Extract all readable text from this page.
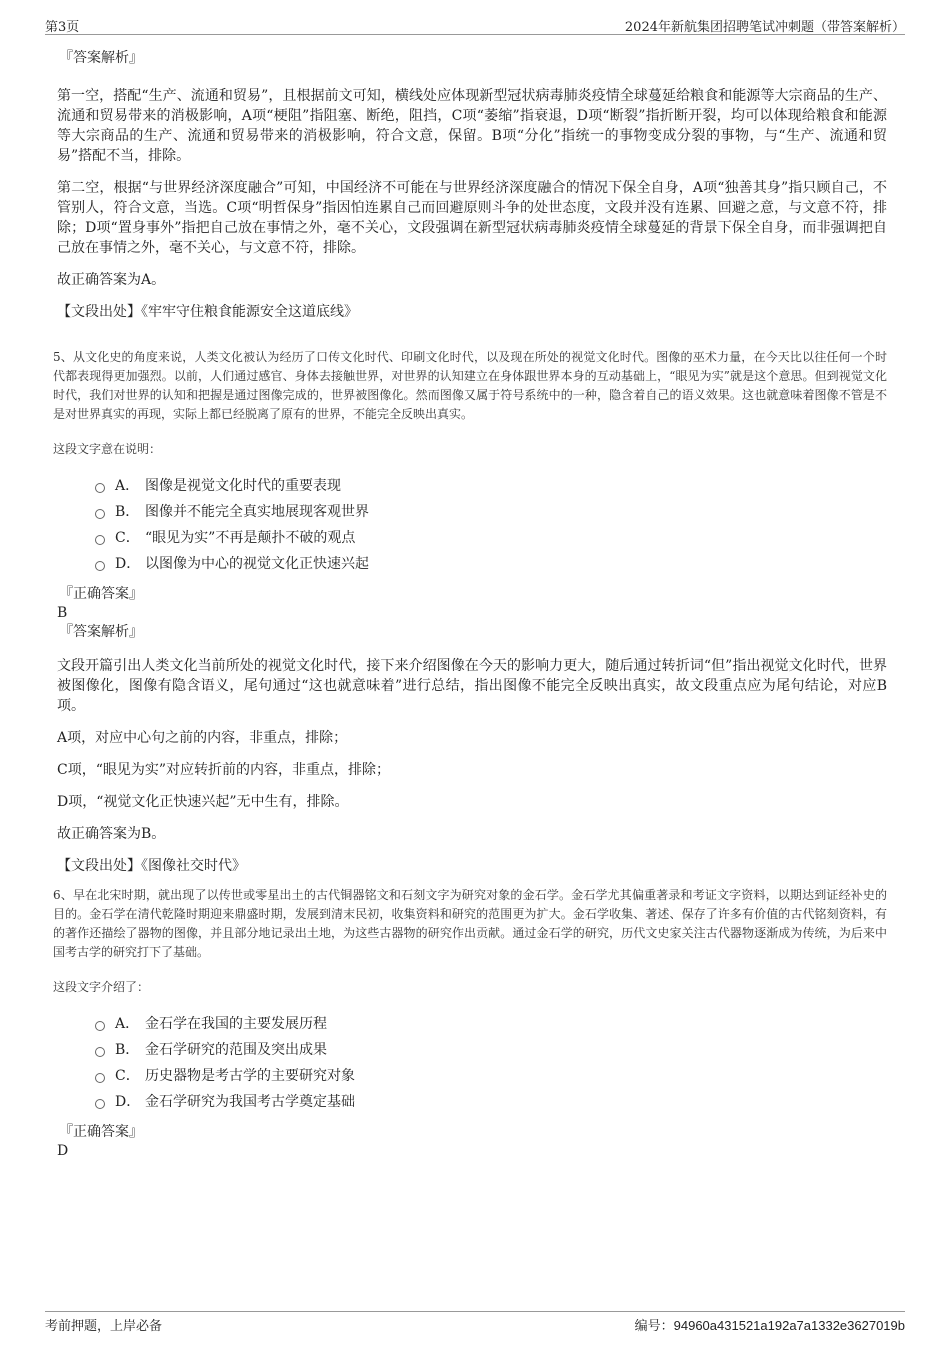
第3页	2024年新航集团招聘笔试冲刺题（带答案解析）
『答案解析』

第一空，搭配“生产、流通和贸易”，且根据前文可知，横线处应体现新型冠状病毒肺炎疫情全球蔓延给粮食和能源等大宗商品的生产、流通和贸易带来的消极影响，A项“梗阻”指阻塞、断绝，阻挡，C项“萎缩”指衰退，D项“断裂”指折断开裂，均可以体现给粮食和能源等大宗商品的生产、流通和贸易带来的消极影响，符合文意，保留。B项“分化”指统一的事物变成分裂的事物，与“生产、流通和贸易”搭配不当，排除。

第二空，根据“与世界经济深度融合”可知，中国经济不可能在与世界经济深度融合的情况下保全自身，A项“独善其身”指只顾自己，不管别人，符合文意，当选。C项“明哲保身”指因怕连累自己而回避原则斗争的处世态度，文段并没有连累、回避之意，与文意不符，排除；D项“置身事外”指把自己放在事情之外，毫不关心，文段强调在新型冠状病毒肺炎疫情全球蔓延的背景下保全自身，而非强调把自己放在事情之外，毫不关心，与文意不符，排除。

故正确答案为A。

【文段出处】《牢牢守住粮食能源安全这道底线》

5、从文化史的角度来说，人类文化被认为经历了口传文化时代、印刷文化时代，以及现在所处的视觉文化时代。图像的巫术力量，在今天比以往任何一个时代都表现得更加强烈。以前，人们通过感官、身体去接触世界，对世界的认知建立在身体跟世界本身的互动基础上，“眼见为实”就是这个意思。但到视觉文化时代，我们对世界的认知和把握是通过图像完成的，世界被图像化。然而图像又属于符号系统中的一种，隐含着自己的语义效果。这也就意味着图像不管是不是对世界真实的再现，实际上都已经脱离了原有的世界，不能完全反映出真实。
这段文字意在说明：
A． 图像是视觉文化时代的重要表现
B． 图像并不能完全真实地展现客观世界
C． “眼见为实”不再是颠扑不破的观点
D． 以图像为中心的视觉文化正快速兴起
『正确答案』
B
『答案解析』

文段开篇引出人类文化当前所处的视觉文化时代，接下来介绍图像在今天的影响力更大，随后通过转折词“但”指出视觉文化时代，世界被图像化，图像有隐含语义，尾句通过“这也就意味着”进行总结，指出图像不能完全反映出真实，故文段重点应为尾句结论，对应B项。

A项，对应中心句之前的内容，非重点，排除；

C项，“眼见为实”对应转折前的内容，非重点，排除；

D项，“视觉文化正快速兴起”无中生有，排除。

故正确答案为B。

【文段出处】《图像社交时代》

6、早在北宋时期，就出现了以传世或零星出土的古代铜器铭文和石刻文字为研究对象的金石学。金石学尤其偏重著录和考证文字资料，以期达到证经补史的目的。金石学在清代乾隆时期迎来鼎盛时期，发展到清末民初，收集资料和研究的范围更为扩大。金石学收集、著述、保存了许多有价值的古代铭刻资料，有的著作还描绘了器物的图像，并且部分地记录出土地，为这些古器物的研究作出贡献。通过金石学的研究，历代文史家关注古代器物逐渐成为传统，为后来中国考古学的研究打下了基础。
这段文字介绍了：
A． 金石学在我国的主要发展历程
B． 金石学研究的范围及突出成果
C． 历史器物是考古学的主要研究对象
D． 金石学研究为我国考古学奠定基础
『正确答案』
D
考前押题，上岸必备	编号：94960a431521a192a7a1332e3627019b
